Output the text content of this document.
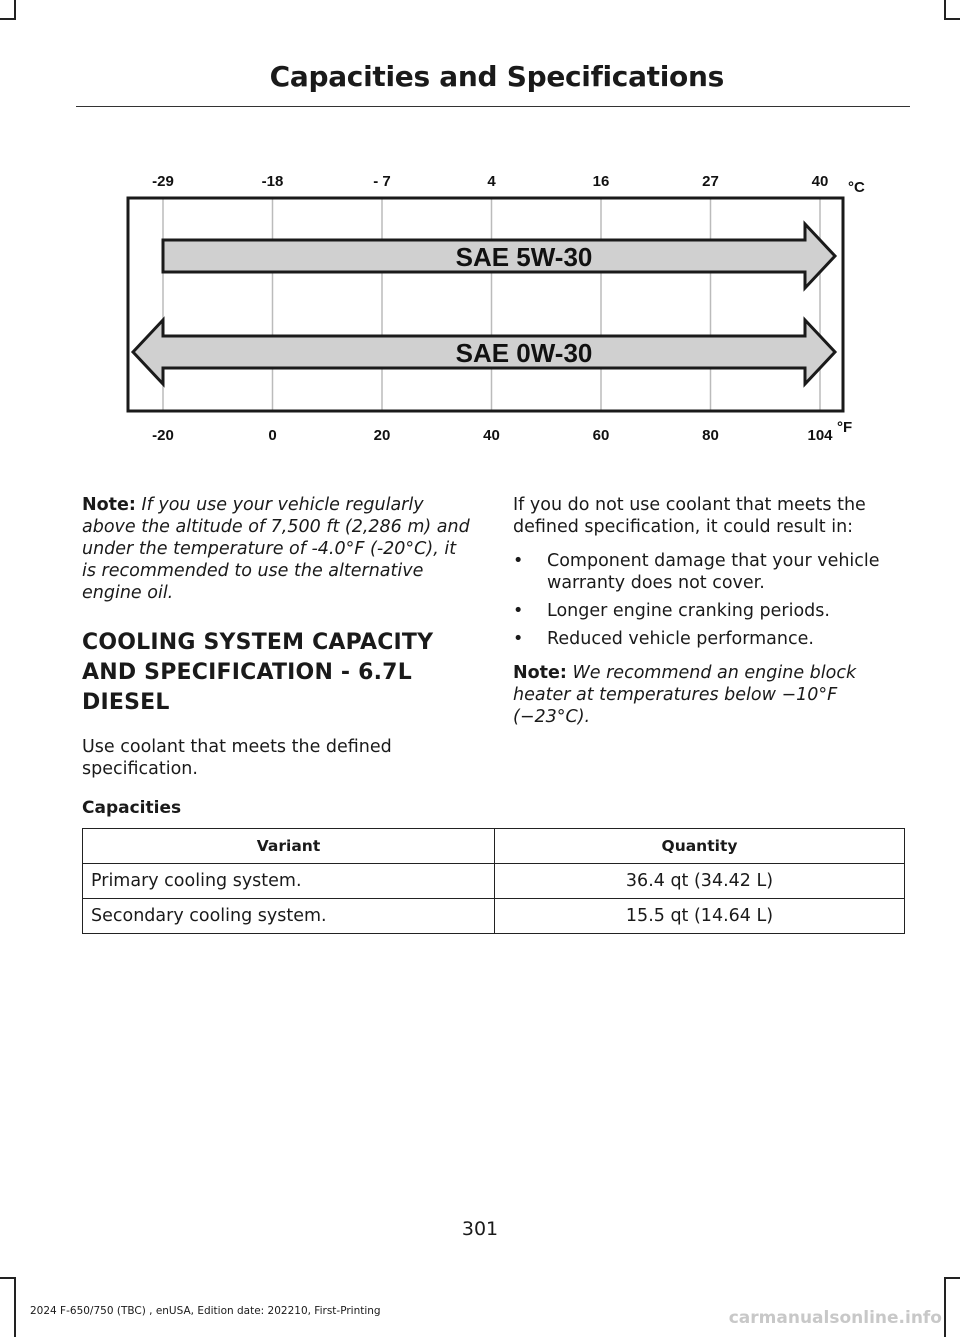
Capacities and Specifications
-29	-18	- 7	4	16	27	40 °C
-20	0	20	40	60	80	104 °F
SAE 5W-30
SAE 0W-30

Note: If you use your vehicle regularly above the altitude of 7,500 ft (2,286 m) and under the temperature of -4.0°F (-20°C), it is recommended to use the alternative engine oil.

COOLING SYSTEM CAPACITY
AND SPECIFICATION - 6.7L
DIESEL

Use coolant that meets the defined specification.

If you do not use coolant that meets the defined specification, it could result in:

• Component damage that your vehicle warranty does not cover.
• Longer engine cranking periods.
• Reduced vehicle performance.

Note: We recommend an engine block heater at temperatures below −10°F (−23°C).

Capacities
Variant	Quantity
Primary cooling system.	36.4 qt (34.42 L)
Secondary cooling system.	15.5 qt (14.64 L)
301
2024 F-650/750 (TBC) , enUSA, Edition date: 202210, First-Printing	carmanualsonline.info
